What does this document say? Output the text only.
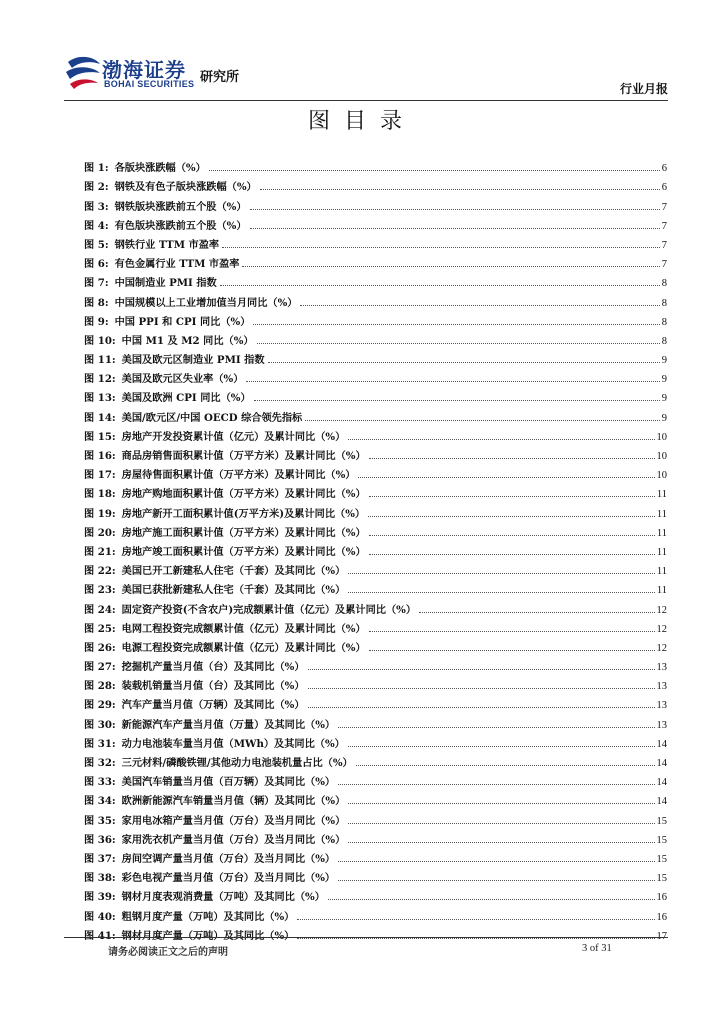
渤海证券
BOHAI SECURITIES 研究所
行业月报
图目录
图 1: 各版块涨跌幅（%）	6
图 2: 钢铁及有色子版块涨跌幅（%）	6
图 3: 钢铁版块涨跌前五个股（%）	7
图 4: 有色版块涨跌前五个股（%）	7
图 5: 钢铁行业 TTM 市盈率	7
图 6: 有色金属行业 TTM 市盈率	7
图 7: 中国制造业 PMI 指数	8
图 8: 中国规模以上工业增加值当月同比（%）	8
图 9: 中国 PPI 和 CPI 同比（%）	8
图 10: 中国 M1 及 M2 同比（%）	8
图 11: 美国及欧元区制造业 PMI 指数	9
图 12: 美国及欧元区失业率（%）	9
图 13: 美国及欧洲 CPI 同比（%）	9
图 14: 美国/欧元区/中国 OECD 综合领先指标	9
图 15: 房地产开发投资累计值（亿元）及累计同比（%）	10
图 16: 商品房销售面积累计值（万平方米）及累计同比（%）	10
图 17: 房屋待售面积累计值（万平方米）及累计同比（%）	10
图 18: 房地产购地面积累计值（万平方米）及累计同比（%）	11
图 19: 房地产新开工面积累计值(万平方米)及累计同比（%）	11
图 20: 房地产施工面积累计值（万平方米）及累计同比（%）	11
图 21: 房地产竣工面积累计值（万平方米）及累计同比（%）	11
图 22: 美国已开工新建私人住宅（千套）及其同比（%）	11
图 23: 美国已获批新建私人住宅（千套）及其同比（%）	11
图 24: 固定资产投资(不含农户)完成额累计值（亿元）及累计同比（%）	12
图 25: 电网工程投资完成额累计值（亿元）及累计同比（%）	12
图 26: 电源工程投资完成额累计值（亿元）及累计同比（%）	12
图 27: 挖掘机产量当月值（台）及其同比（%）	13
图 28: 装载机销量当月值（台）及其同比（%）	13
图 29: 汽车产量当月值（万辆）及其同比（%）	13
图 30: 新能源汽车产量当月值（万量）及其同比（%）	13
图 31: 动力电池装车量当月值（MWh）及其同比（%）	14
图 32: 三元材料/磷酸铁锂/其他动力电池装机量占比（%）	14
图 33: 美国汽车销量当月值（百万辆）及其同比（%）	14
图 34: 欧洲新能源汽车销量当月值（辆）及其同比（%）	14
图 35: 家用电冰箱产量当月值（万台）及当月同比（%）	15
图 36: 家用洗衣机产量当月值（万台）及当月同比（%）	15
图 37: 房间空调产量当月值（万台）及当月同比（%）	15
图 38: 彩色电视产量当月值（万台）及当月同比（%）	15
图 39: 钢材月度表观消费量（万吨）及其同比（%）	16
图 40: 粗钢月度产量（万吨）及其同比（%）	16
图 41: 钢材月度产量（万吨）及其同比（%）	17
请务必阅读正文之后的声明	3 of 31
